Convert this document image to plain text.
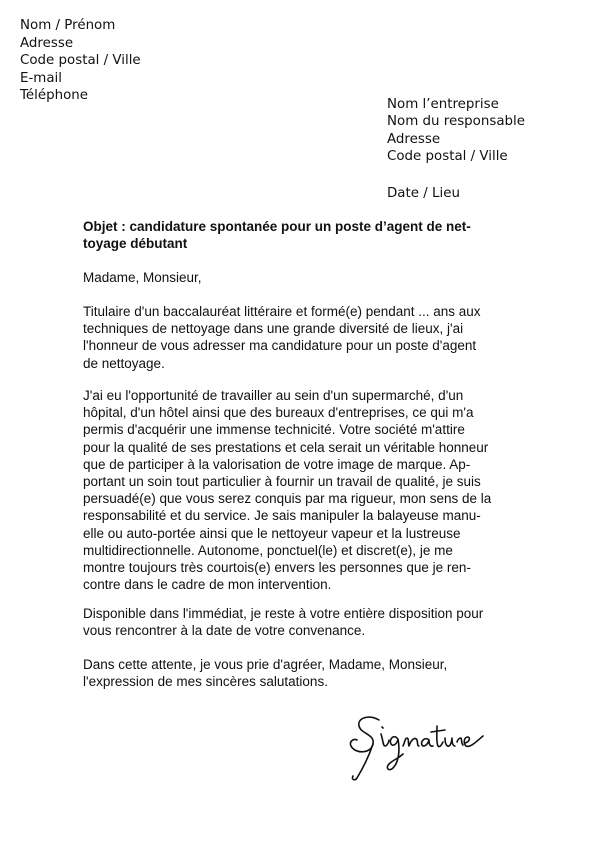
Nom / Prénom
Adresse
Code postal / Ville
E-mail
Téléphone
Nom l’entreprise
Nom du responsable
Adresse
Code postal / Ville
Date / Lieu
Objet : candidature spontanée pour un poste d’agent de net-
toyage débutant
Madame, Monsieur,
Titulaire d'un baccalauréat littéraire et formé(e) pendant ... ans aux
techniques de nettoyage dans une grande diversité de lieux, j'ai
l'honneur de vous adresser ma candidature pour un poste d'agent
de nettoyage.
J'ai eu l'opportunité de travailler au sein d'un supermarché, d'un
hôpital, d'un hôtel ainsi que des bureaux d'entreprises, ce qui m'a
permis d'acquérir une immense technicité. Votre société m'attire
pour la qualité de ses prestations et cela serait un véritable honneur
que de participer à la valorisation de votre image de marque. Ap-
portant un soin tout particulier à fournir un travail de qualité, je suis
persuadé(e) que vous serez conquis par ma rigueur, mon sens de la
responsabilité et du service. Je sais manipuler la balayeuse manu-
elle ou auto-portée ainsi que le nettoyeur vapeur et la lustreuse
multidirectionnelle. Autonome, ponctuel(le) et discret(e), je me
montre toujours très courtois(e) envers les personnes que je ren-
contre dans le cadre de mon intervention.
Disponible dans l'immédiat, je reste à votre entière disposition pour
vous rencontrer à la date de votre convenance.
Dans cette attente, je vous prie d'agréer, Madame, Monsieur,
l'expression de mes sincères salutations.
